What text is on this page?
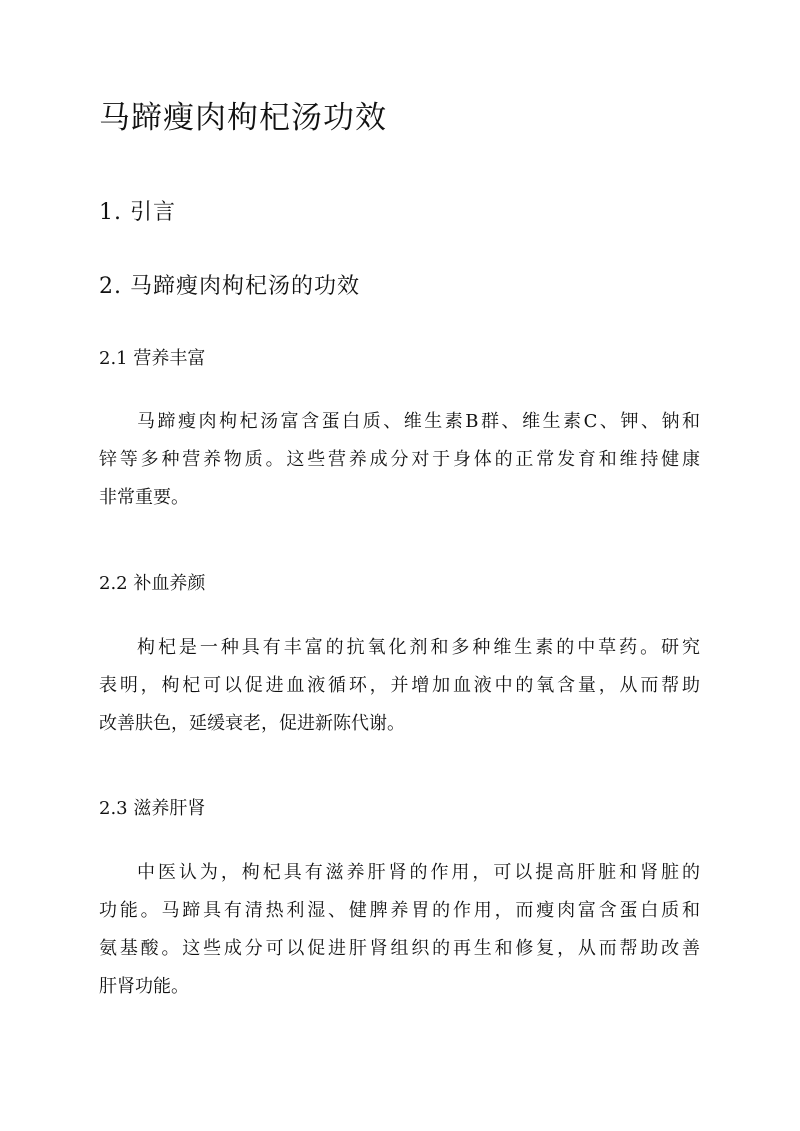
马蹄瘦肉枸杞汤功效
1. 引言
2. 马蹄瘦肉枸杞汤的功效
2.1 营养丰富
马蹄瘦肉枸杞汤富含蛋白质、维生素B群、维生素C、钾、钠和
锌等多种营养物质。这些营养成分对于身体的正常发育和维持健康
非常重要。
2.2 补血养颜
枸杞是一种具有丰富的抗氧化剂和多种维生素的中草药。研究
表明，枸杞可以促进血液循环，并增加血液中的氧含量，从而帮助
改善肤色，延缓衰老，促进新陈代谢。
2.3 滋养肝肾
中医认为，枸杞具有滋养肝肾的作用，可以提高肝脏和肾脏的
功能。马蹄具有清热利湿、健脾养胃的作用，而瘦肉富含蛋白质和
氨基酸。这些成分可以促进肝肾组织的再生和修复，从而帮助改善
肝肾功能。
